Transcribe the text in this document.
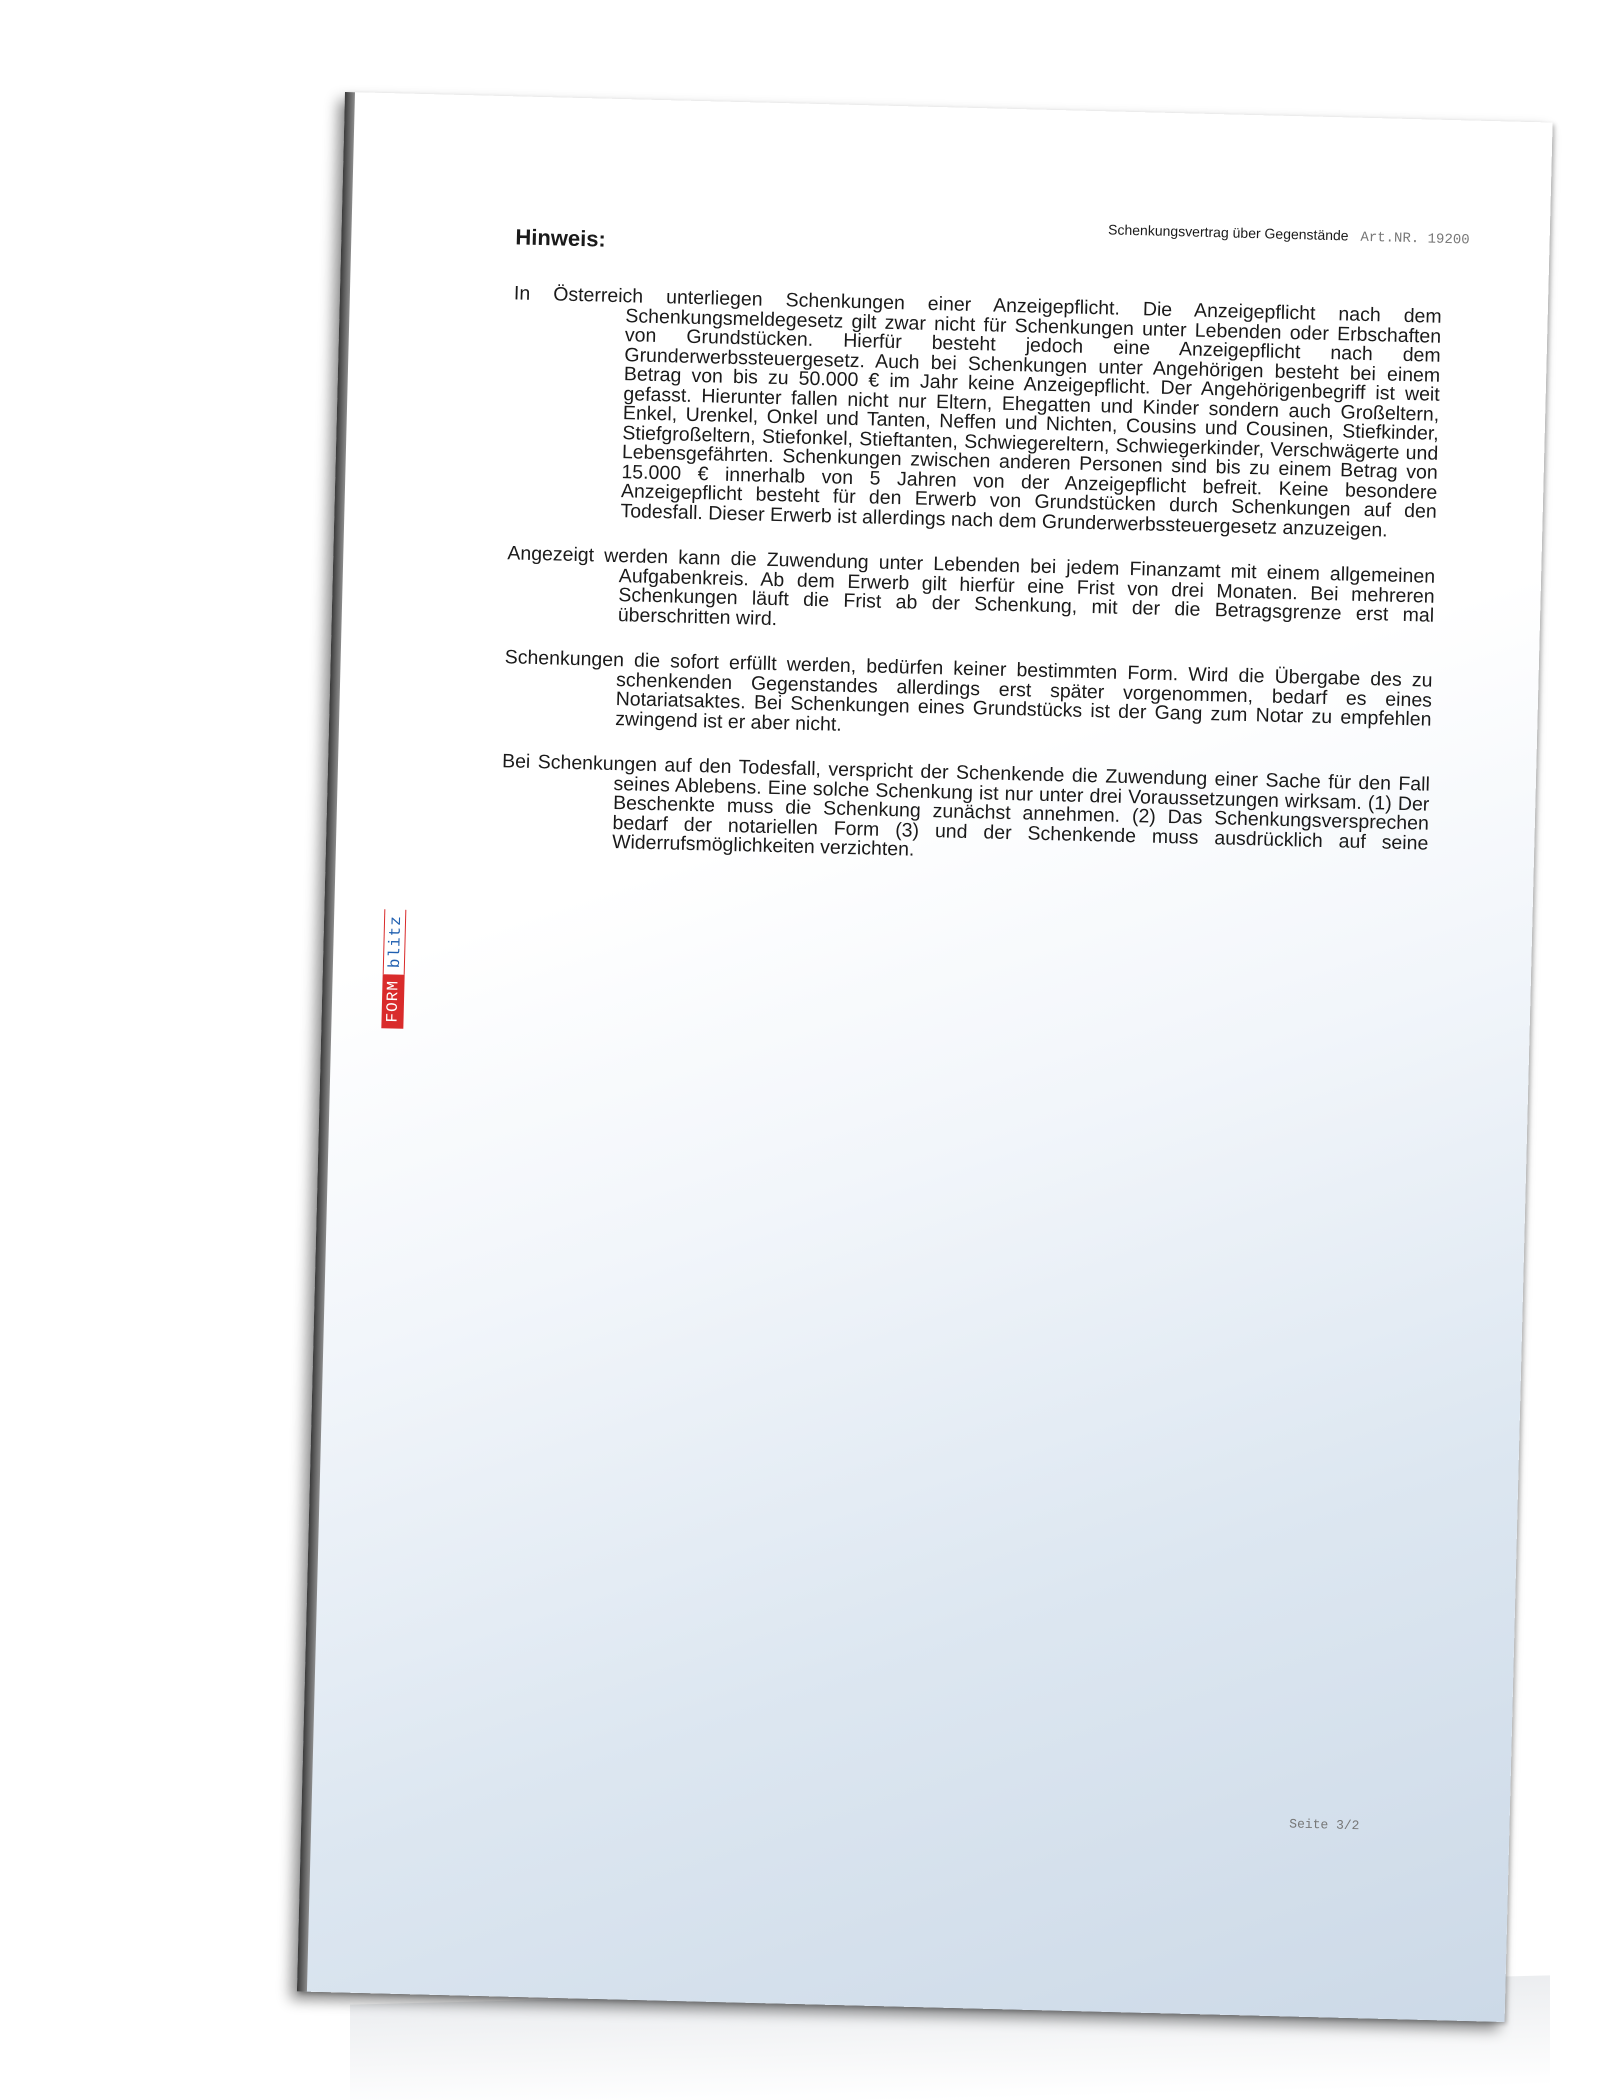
Schenkungsvertrag über Gegenstände Art.NR. 19200
Hinweis:

In Österreich unterliegen Schenkungen einer Anzeigepflicht. Die Anzeigepflicht nach dem Schenkungsmeldegesetz gilt zwar nicht für Schenkungen unter Lebenden oder Erbschaften von Grundstücken. Hierfür besteht jedoch eine Anzeigepflicht nach dem Grunderwerbssteuergesetz. Auch bei Schenkungen unter Angehörigen besteht bei einem Betrag von bis zu 50.000 € im Jahr keine Anzeigepflicht. Der Angehörigenbegriff ist weit gefasst. Hierunter fallen nicht nur Eltern, Ehegatten und Kinder sondern auch Großeltern, Enkel, Urenkel, Onkel und Tanten, Neffen und Nichten, Cousins und Cousinen, Stiefkinder, Stiefgroßeltern, Stiefonkel, Stieftanten, Schwiegereltern, Schwiegerkinder, Verschwägerte und Lebensgefährten. Schenkungen zwischen anderen Personen sind bis zu einem Betrag von 15.000 € innerhalb von 5 Jahren von der Anzeigepflicht befreit. Keine besondere Anzeigepflicht besteht für den Erwerb von Grundstücken durch Schenkungen auf den Todesfall. Dieser Erwerb ist allerdings nach dem Grunderwerbssteuergesetz anzuzeigen.

Angezeigt werden kann die Zuwendung unter Lebenden bei jedem Finanzamt mit einem allgemeinen Aufgabenkreis. Ab dem Erwerb gilt hierfür eine Frist von drei Monaten. Bei mehreren Schenkungen läuft die Frist ab der Schenkung, mit der die Betragsgrenze erst mal überschritten wird.

Schenkungen die sofort erfüllt werden, bedürfen keiner bestimmten Form. Wird die Übergabe des zu schenkenden Gegenstandes allerdings erst später vorgenommen, bedarf es eines Notariatsaktes. Bei Schenkungen eines Grundstücks ist der Gang zum Notar zu empfehlen zwingend ist er aber nicht.

Bei Schenkungen auf den Todesfall, verspricht der Schenkende die Zuwendung einer Sache für den Fall seines Ablebens. Eine solche Schenkung ist nur unter drei Voraussetzungen wirksam. (1) Der Beschenkte muss die Schenkung zunächst annehmen. (2) Das Schenkungsversprechen bedarf der notariellen Form (3) und der Schenkende muss ausdrücklich auf seine Widerrufsmöglichkeiten verzichten.

FORM
blitz
Seite 3/2
